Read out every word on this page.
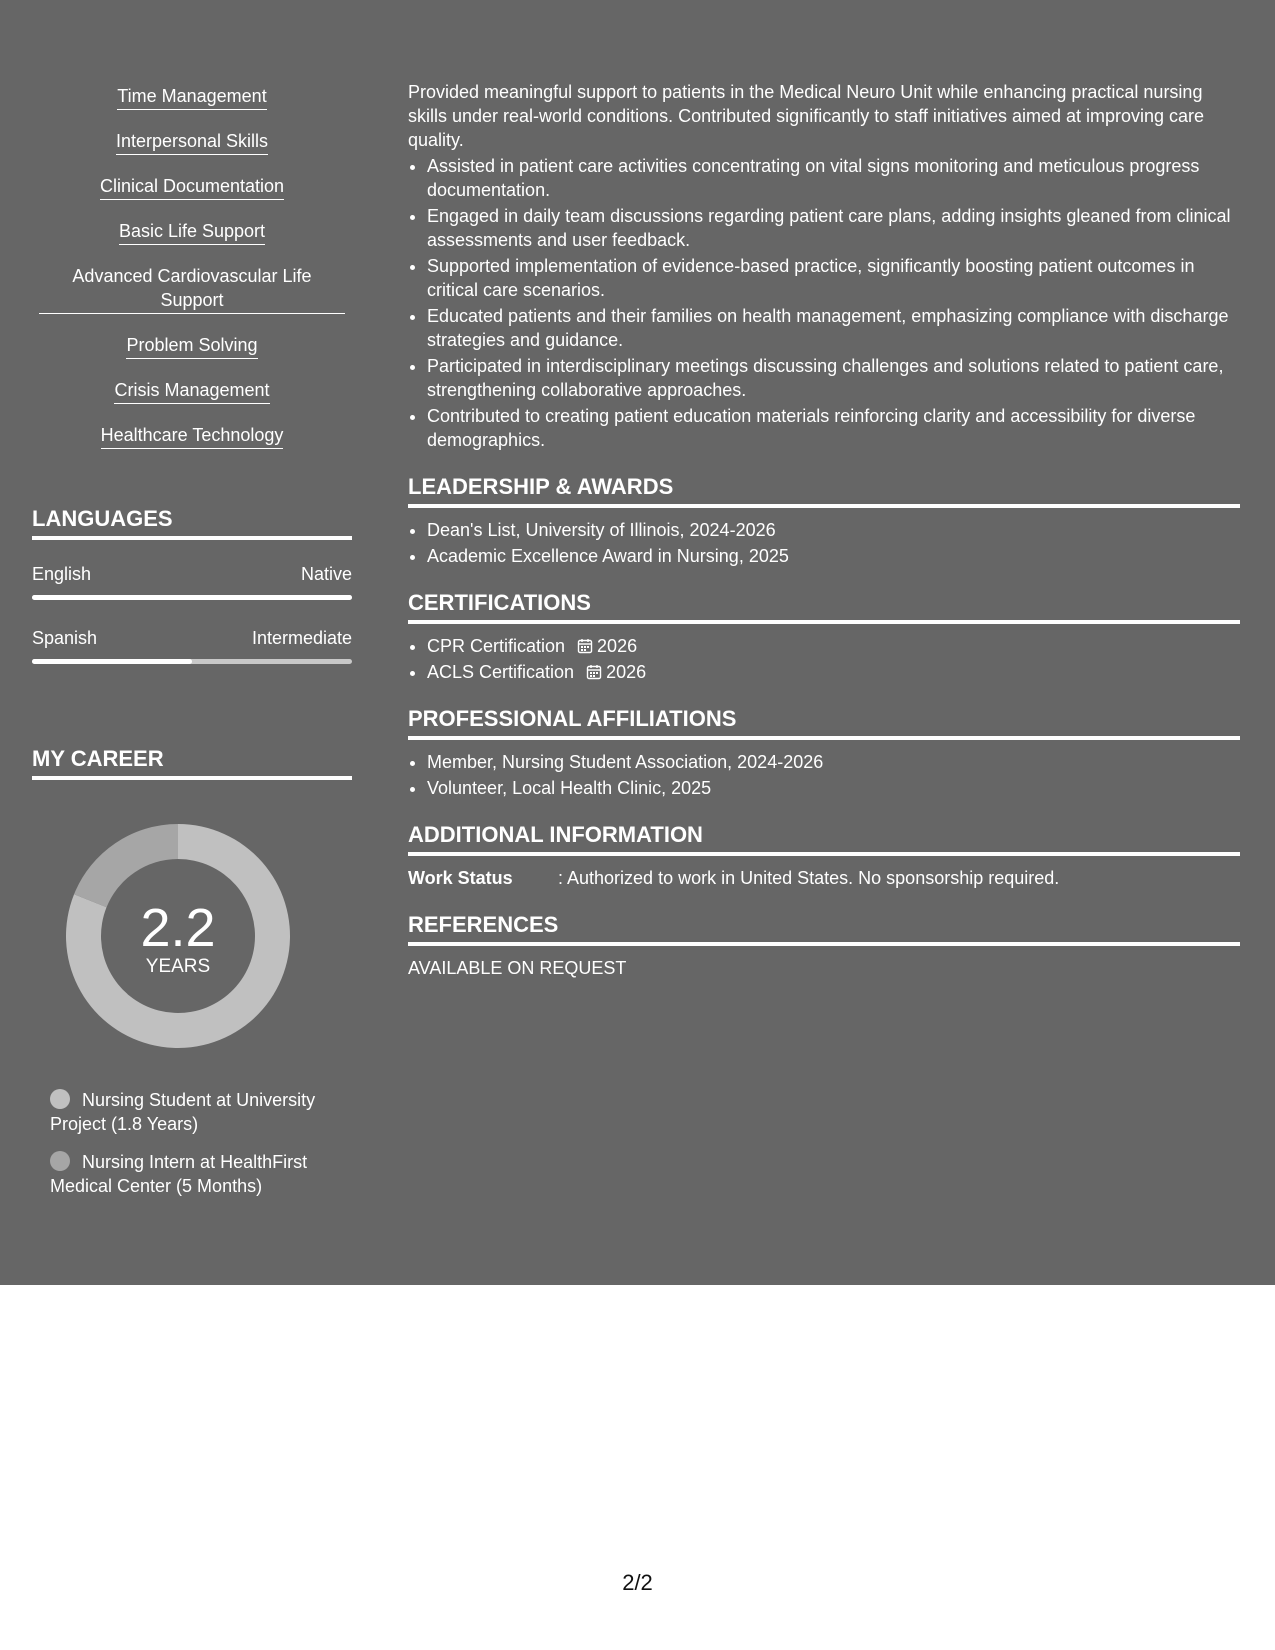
Time Management
Interpersonal Skills
Clinical Documentation
Basic Life Support
Advanced Cardiovascular Life Support
Problem Solving
Crisis Management
Healthcare Technology
LANGUAGES
English	Native
Spanish	Intermediate
MY CAREER
2.2
YEARS
Nursing Student at University Project (1.8 Years)
Nursing Intern at HealthFirst Medical Center (5 Months)

Provided meaningful support to patients in the Medical Neuro Unit while enhancing practical nursing skills under real-world conditions. Contributed significantly to staff initiatives aimed at improving care quality.

• Assisted in patient care activities concentrating on vital signs monitoring and meticulous progress documentation.
• Engaged in daily team discussions regarding patient care plans, adding insights gleaned from clinical assessments and user feedback.
• Supported implementation of evidence-based practice, significantly boosting patient outcomes in critical care scenarios.
• Educated patients and their families on health management, emphasizing compliance with discharge strategies and guidance.
• Participated in interdisciplinary meetings discussing challenges and solutions related to patient care, strengthening collaborative approaches.
• Contributed to creating patient education materials reinforcing clarity and accessibility for diverse demographics.
LEADERSHIP & AWARDS
• Dean's List, University of Illinois, 2024-2026
• Academic Excellence Award in Nursing, 2025
CERTIFICATIONS
• CPR Certification 2026
• ACLS Certification 2026
PROFESSIONAL AFFILIATIONS
• Member, Nursing Student Association, 2024-2026
• Volunteer, Local Health Clinic, 2025
ADDITIONAL INFORMATION
Work Status	: Authorized to work in United States. No sponsorship required.
REFERENCES
AVAILABLE ON REQUEST
2/2
